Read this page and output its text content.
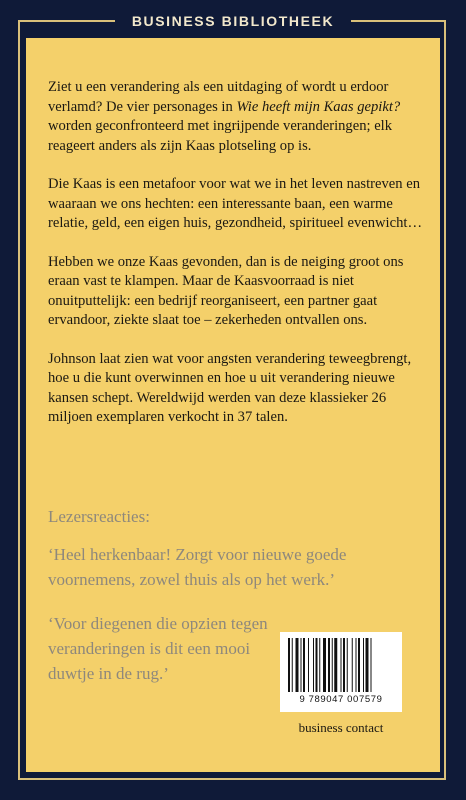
BUSINESS BIBLIOTHEEK

Ziet u een verandering als een uitdaging of wordt u erdoor verlamd? De vier personages in Wie heeft mijn Kaas gepikt? worden geconfronteerd met ingrijpende veranderingen; elk reageert anders als zijn Kaas plotseling op is.

Die Kaas is een metafoor voor wat we in het leven nastreven en waaraan we ons hechten: een interessante baan, een warme relatie, geld, een eigen huis, gezondheid, spiritueel evenwicht…

Hebben we onze Kaas gevonden, dan is de neiging groot ons eraan vast te klampen. Maar de Kaasvoorraad is niet onuitputtelijk: een bedrijf reorganiseert, een partner gaat ervandoor, ziekte slaat toe – zekerheden ontvallen ons.

Johnson laat zien wat voor angsten verandering teweegbrengt, hoe u die kunt overwinnen en hoe u uit verandering nieuwe kansen schept. Wereldwijd werden van deze klassieker 26 miljoen exemplaren verkocht in 37 talen.

Lezersreacties:
‘Heel herkenbaar! Zorgt voor nieuwe goede voornemens, zowel thuis als op het werk.’
‘Voor diegenen die opzien tegen veranderingen is dit een mooi duwtje in de rug.’
9 789047 007579
business contact
